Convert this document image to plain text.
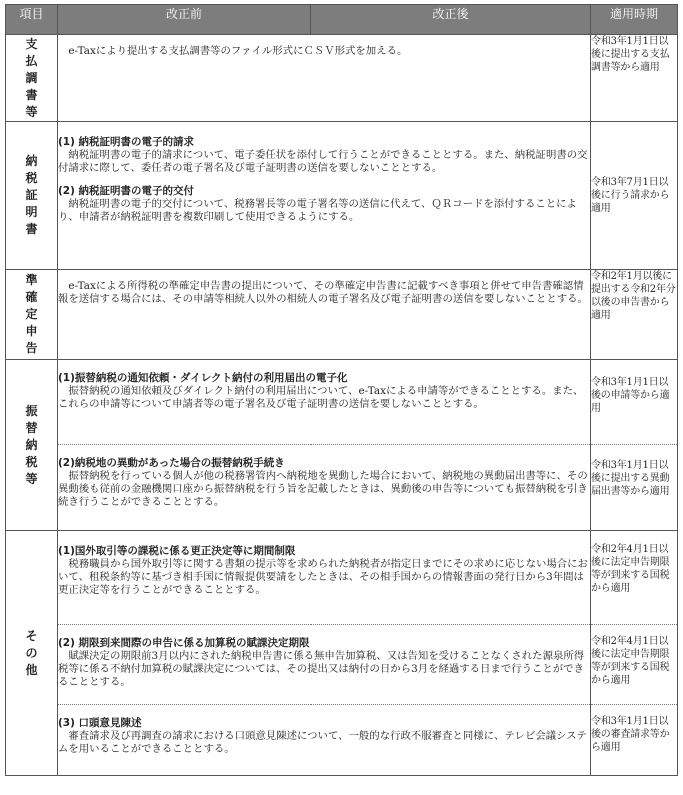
項目	改正前	改正後	適用時期
支払調書等	e-Taxにより提出する支払調書等のファイル形式にＣＳＶ形式を加える。		令和3年1月1日以後に提出する支払調書等から適用
納税証明書	(1) 納税証明書の電子的請求
納税証明書の電子的請求について、電子委任状を添付して行うことができることとする。また、納税証明書の交付請求に際して、委任者の電子署名及び電子証明書の送信を要しないこととする。
(2) 納税証明書の電子的交付
納税証明書の電子的交付について、税務署長等の電子署名等の送信に代えて、ＱＲコードを添付することにより、申請者が納税証明書を複数印刷して使用できるようにする。		令和3年7月1日以後に行う請求から適用
準確定申告	e-Taxによる所得税の準確定申告書の提出について、その準確定申告書に記載すべき事項と併せて申告書確認情報を送信する場合には、その申請等相続人以外の相続人の電子署名及び電子証明書の送信を要しないこととする。		令和2年1月以後に提出する令和2年分以後の申告書から適用
振替納税等	(1)振替納税の通知依頼・ダイレクト納付の利用届出の電子化
振替納税の通知依頼及びダイレクト納付の利用届出について、e-Taxによる申請等ができることとする。また、これらの申請等について申請者等の電子署名及び電子証明書の送信を要しないこととする。		令和3年1月1日以後の申請等から適用

	(2)納税地の異動があった場合の振替納税手続き
振替納税を行っている個人が他の税務署管内へ納税地を異動した場合において、納税地の異動届出書等に、その異動後も従前の金融機関口座から振替納税を行う旨を記載したときは、異動後の申告等についても振替納税を引き続き行うことができることとする。		令和3年1月1日以後に提出する異動届出書等から適用
その他	(1)国外取引等の課税に係る更正決定等に期間制限
税務職員から国外取引等に関する書類の提示等を求められた納税者が指定日までにその求めに応じない場合において、租税条約等に基づき相手国に情報提供要請をしたときは、その相手国からの情報書面の発行日から3年間は更正決定等を行うことができることとする。		令和2年4月1日以後に法定申告期限等が到来する国税から適用

	(2) 期限到来間際の申告に係る加算税の賦課決定期限
賦課決定の期限前3月以内にされた納税申告書に係る無申告加算税、又は告知を受けることなくされた源泉所得税等に係る不納付加算税の賦課決定については、その提出又は納付の日から3月を経過する日まで行うことができることとする。		令和2年4月1日以後に法定申告期限等が到来する国税から適用

	(3) 口頭意見陳述
審査請求及び再調査の請求における口頭意見陳述について、一般的な行政不服審査と同様に、テレビ会議システムを用いることができることとする。		令和3年1月1日以後の審査請求等から適用
